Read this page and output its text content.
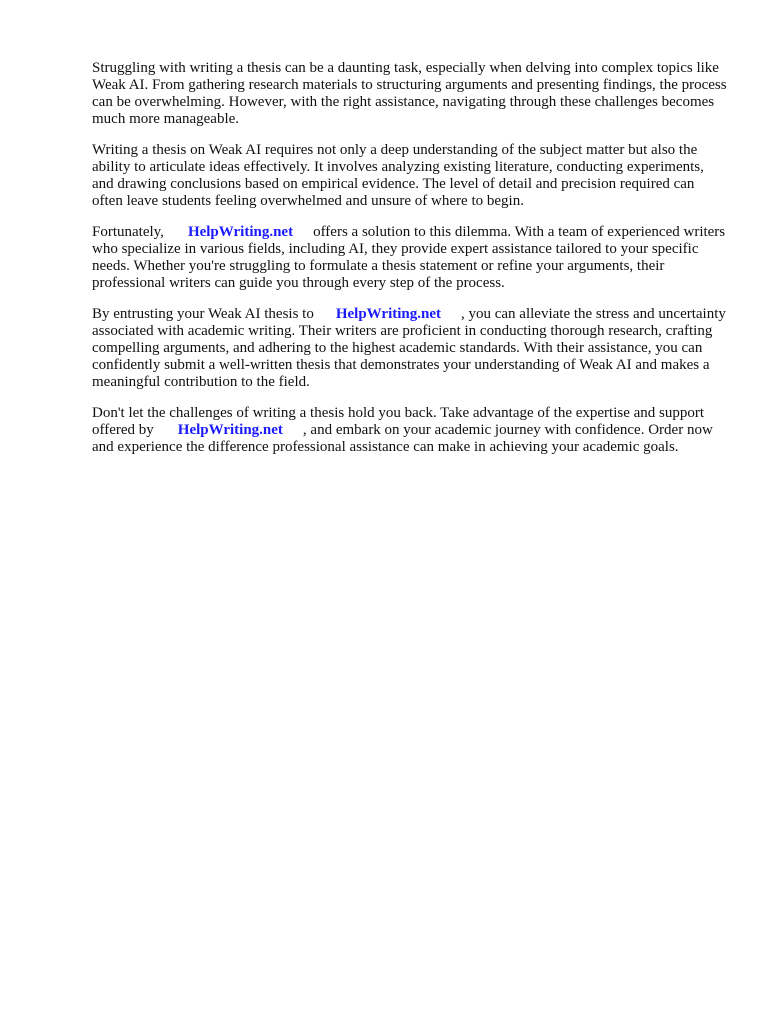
Struggling with writing a thesis can be a daunting task, especially when delving into complex topics like Weak AI. From gathering research materials to structuring arguments and presenting findings, the process can be overwhelming. However, with the right assistance, navigating through these challenges becomes much more manageable.

Writing a thesis on Weak AI requires not only a deep understanding of the subject matter but also the ability to articulate ideas effectively. It involves analyzing existing literature, conducting experiments, and drawing conclusions based on empirical evidence. The level of detail and precision required can often leave students feeling overwhelmed and unsure of where to begin.

Fortunately, HelpWriting.net offers a solution to this dilemma. With a team of experienced writers who specialize in various fields, including AI, they provide expert assistance tailored to your specific needs. Whether you're struggling to formulate a thesis statement or refine your arguments, their professional writers can guide you through every step of the process.

By entrusting your Weak AI thesis to HelpWriting.net , you can alleviate the stress and uncertainty associated with academic writing. Their writers are proficient in conducting thorough research, crafting compelling arguments, and adhering to the highest academic standards. With their assistance, you can confidently submit a well-written thesis that demonstrates your understanding of Weak AI and makes a meaningful contribution to the field.

Don't let the challenges of writing a thesis hold you back. Take advantage of the expertise and support offered by HelpWriting.net , and embark on your academic journey with confidence. Order now and experience the difference professional assistance can make in achieving your academic goals.
